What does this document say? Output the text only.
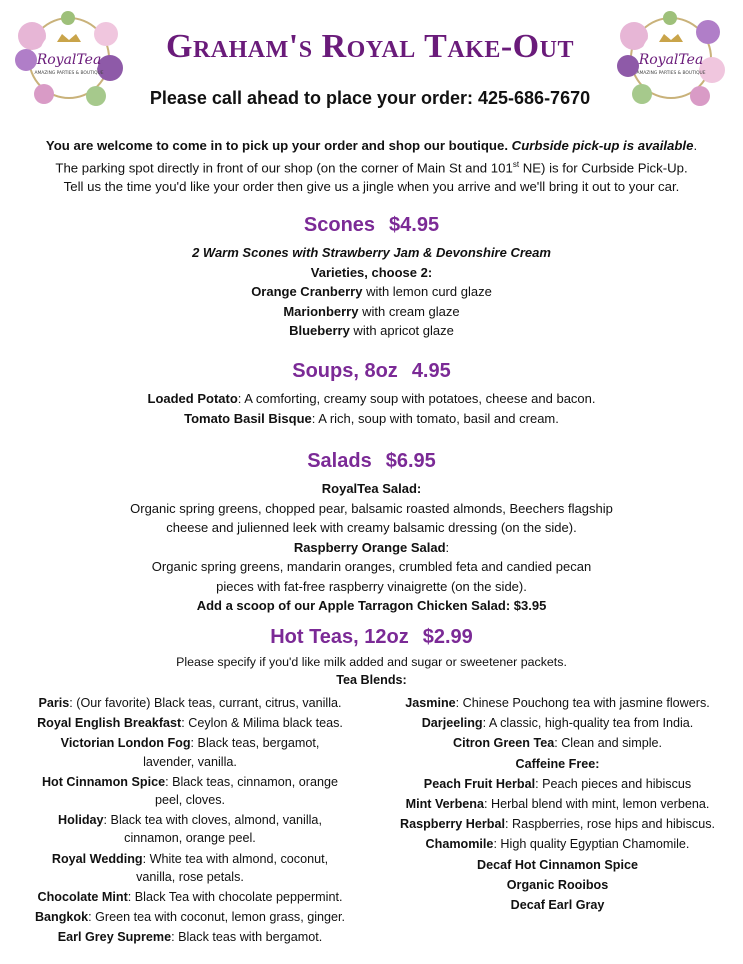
RoyalTea
AMAZING PARTIES & BOUTIQUE
RoyalTea
AMAZING PARTIES & BOUTIQUE
Graham's Royal Take-Out
Please call ahead to place your order: 425-686-7670

You are welcome to come in to pick up your order and shop our boutique. Curbside pick-up is available.

The parking spot directly in front of our shop (on the corner of Main St and 101st NE) is for Curbside Pick-Up.

Tell us the time you'd like your order then give us a jingle when you arrive and we'll bring it out to your car.

Scones $4.95

2 Warm Scones with Strawberry Jam & Devonshire Cream

Varieties, choose 2:

Orange Cranberry with lemon curd glaze

Marionberry with cream glaze

Blueberry with apricot glaze

Soups, 8oz 4.95

Loaded Potato: A comforting, creamy soup with potatoes, cheese and bacon.

Tomato Basil Bisque: A rich, soup with tomato, basil and cream.

Salads $6.95

RoyalTea Salad:

Organic spring greens, chopped pear, balsamic roasted almonds, Beechers flagship

cheese and julienned leek with creamy balsamic dressing (on the side).

Raspberry Orange Salad:

Organic spring greens, mandarin oranges, crumbled feta and candied pecan

pieces with fat-free raspberry vinaigrette (on the side).

Add a scoop of our Apple Tarragon Chicken Salad: $3.95

Hot Teas, 12oz $2.99

Please specify if you'd like milk added and sugar or sweetener packets.

Tea Blends:

Paris: (Our favorite) Black teas, currant, citrus, vanilla.

Royal English Breakfast: Ceylon & Milima black teas.

Victorian London Fog: Black teas, bergamot,
lavender, vanilla.

Hot Cinnamon Spice: Black teas, cinnamon, orange
peel, cloves.

Holiday: Black tea with cloves, almond, vanilla,
cinnamon, orange peel.

Royal Wedding: White tea with almond, coconut,
vanilla, rose petals.

Chocolate Mint: Black Tea with chocolate peppermint.

Bangkok: Green tea with coconut, lemon grass, ginger.

Earl Grey Supreme: Black teas with bergamot.

Jasmine: Chinese Pouchong tea with jasmine flowers.

Darjeeling: A classic, high-quality tea from India.

Citron Green Tea: Clean and simple.

Caffeine Free:

Peach Fruit Herbal: Peach pieces and hibiscus

Mint Verbena: Herbal blend with mint, lemon verbena.

Raspberry Herbal: Raspberries, rose hips and hibiscus.

Chamomile: High quality Egyptian Chamomile.

Decaf Hot Cinnamon Spice

Organic Rooibos

Decaf Earl Gray
